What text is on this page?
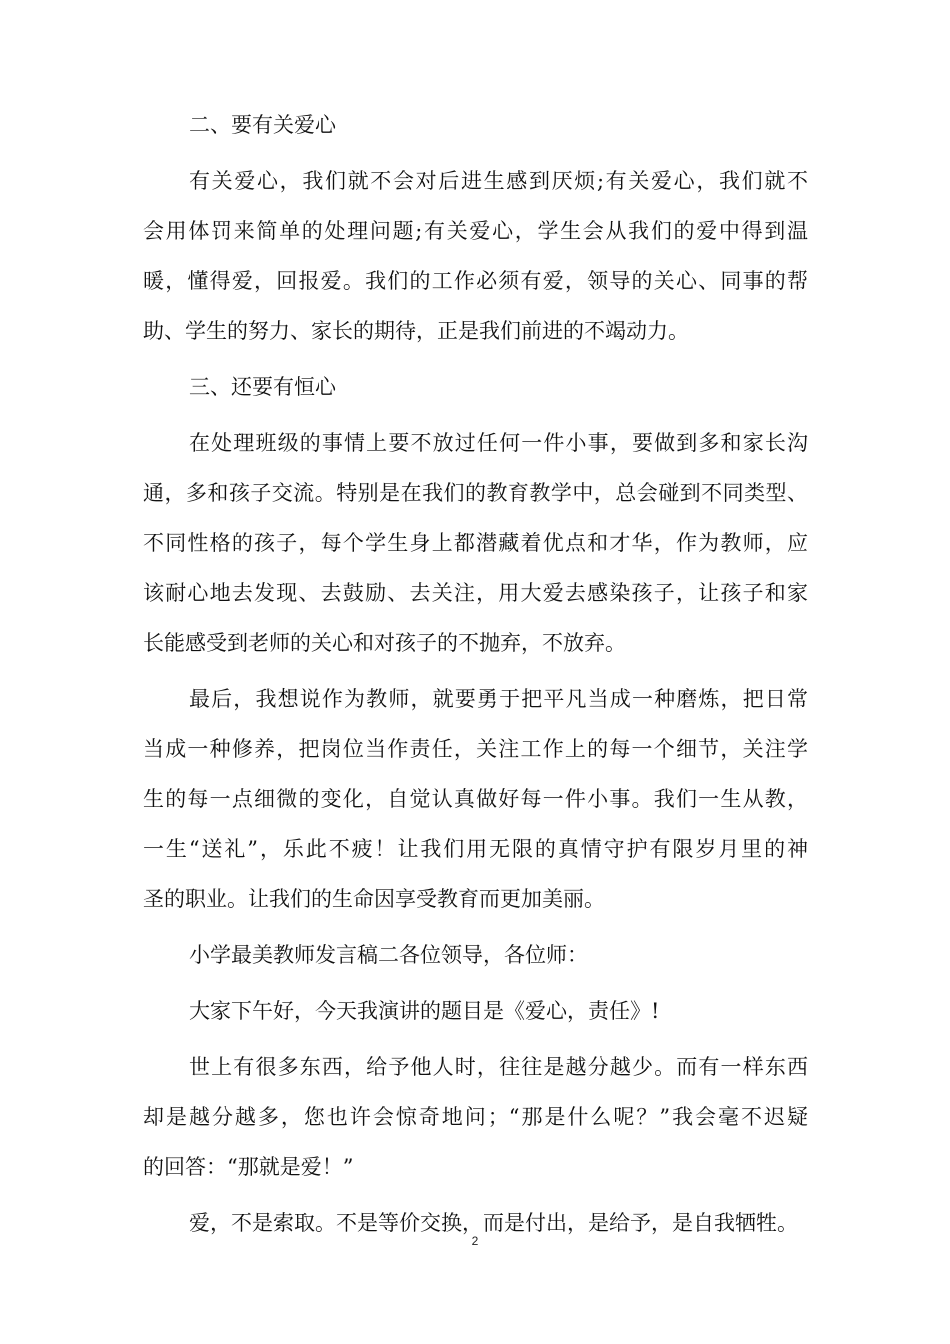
二、要有关爱心
有关爱心，我们就不会对后进生感到厌烦;有关爱心，我们就不
会用体罚来简单的处理问题;有关爱心，学生会从我们的爱中得到温
暖，懂得爱，回报爱。我们的工作必须有爱，领导的关心、同事的帮
助、学生的努力、家长的期待，正是我们前进的不竭动力。
三、还要有恒心
在处理班级的事情上要不放过任何一件小事，要做到多和家长沟
通，多和孩子交流。特别是在我们的教育教学中，总会碰到不同类型、
不同性格的孩子，每个学生身上都潜藏着优点和才华，作为教师，应
该耐心地去发现、去鼓励、去关注，用大爱去感染孩子，让孩子和家
长能感受到老师的关心和对孩子的不抛弃，不放弃。
最后，我想说作为教师，就要勇于把平凡当成一种磨炼，把日常
当成一种修养，把岗位当作责任，关注工作上的每一个细节，关注学
生的每一点细微的变化，自觉认真做好每一件小事。我们一生从教，
一生“送礼”，乐此不疲！让我们用无限的真情守护有限岁月里的神
圣的职业。让我们的生命因享受教育而更加美丽。
小学最美教师发言稿二各位领导，各位师：
大家下午好，今天我演讲的题目是《爱心，责任》!
世上有很多东西，给予他人时，往往是越分越少。而有一样东西
却是越分越多，您也许会惊奇地问；“那是什么呢？”我会毫不迟疑
的回答：“那就是爱！”
爱，不是索取。不是等价交换，而是付出，是给予，是自我牺牲。
2
